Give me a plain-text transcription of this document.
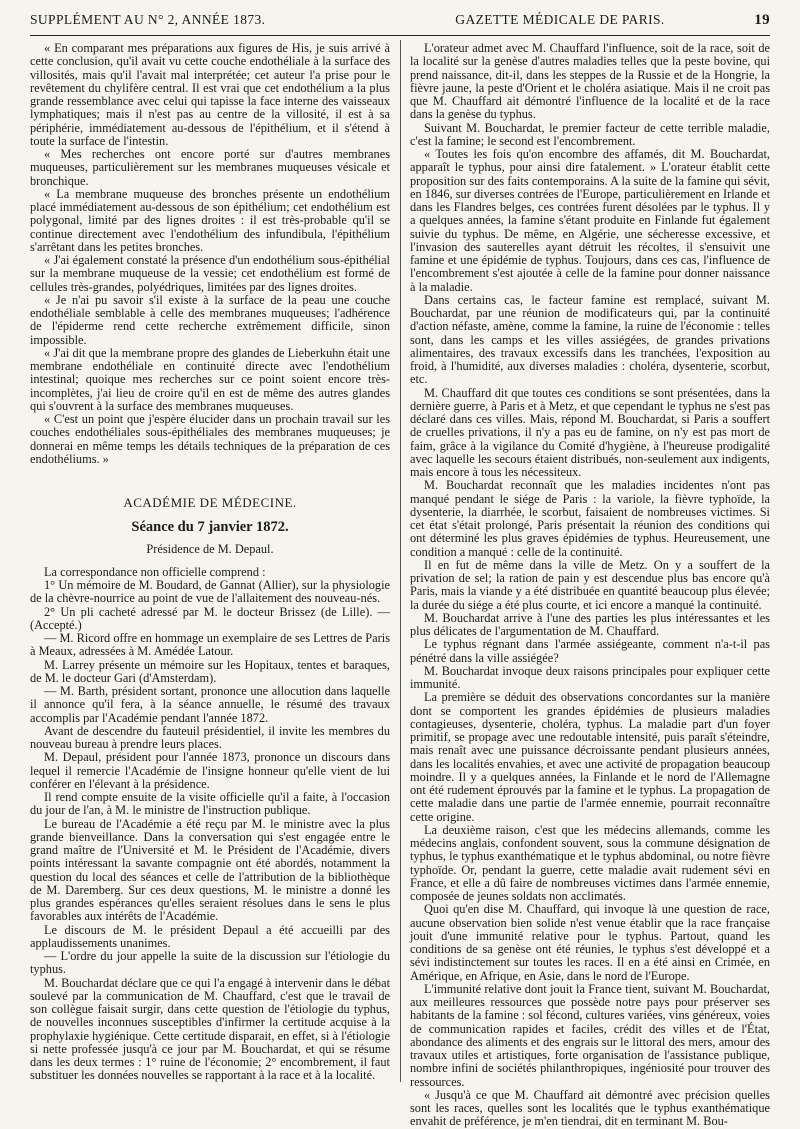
SUPPLÉMENT AU N° 2, ANNÉE 1873.	GAZETTE MÉDICALE DE PARIS.	19

« En comparant mes préparations aux figures de His, je suis arrivé à cette conclusion, qu'il avait vu cette couche endothéliale à la surface des villosités, mais qu'il l'avait mal interprétée; cet auteur l'a prise pour le revêtement du chylifère central. Il est vrai que cet endothélium a la plus grande ressemblance avec celui qui tapisse la face interne des vaisseaux lymphatiques; mais il n'est pas au centre de la villosité, il est à sa périphérie, immédiatement au-dessous de l'épithélium, et il s'étend à toute la surface de l'intestin.

« Mes recherches ont encore porté sur d'autres membranes muqueuses, particulièrement sur les membranes muqueuses vésicale et bronchique.

« La membrane muqueuse des bronches présente un endothélium placé immédiatement au-dessous de son épithélium; cet endothélium est polygonal, limité par des lignes droites : il est très-probable qu'il se continue directement avec l'endothélium des infundibula, l'épithélium s'arrêtant dans les petites bronches.

« J'ai également constaté la présence d'un endothélium sous-épithélial sur la membrane muqueuse de la vessie; cet endothélium est formé de cellules très-grandes, polyédriques, limitées par des lignes droites.

« Je n'ai pu savoir s'il existe à la surface de la peau une couche endothéliale semblable à celle des membranes muqueuses; l'adhérence de l'épiderme rend cette recherche extrêmement difficile, sinon impossible.

« J'ai dit que la membrane propre des glandes de Lieberkuhn était une membrane endothéliale en continuité directe avec l'endothélium intestinal; quoique mes recherches sur ce point soient encore très-incomplètes, j'ai lieu de croire qu'il en est de même des autres glandes qui s'ouvrent à la surface des membranes muqueuses.

« C'est un point que j'espère élucider dans un prochain travail sur les couches endothéliales sous-épithéliales des membranes muqueuses; je donnerai en même temps les détails techniques de la préparation de ces endothéliums. »

ACADÉMIE DE MÉDECINE.

Séance du 7 janvier 1872.

Présidence de M. Depaul.

La correspondance non officielle comprend :

1° Un mémoire de M. Boudard, de Gannat (Allier), sur la physiologie de la chèvre-nourrice au point de vue de l'allaitement des nouveau-nés.

2° Un pli cacheté adressé par M. le docteur Brissez (de Lille). — (Accepté.)

— M. Ricord offre en hommage un exemplaire de ses Lettres de Paris à Meaux, adressées à M. Amédée Latour.

M. Larrey présente un mémoire sur les Hopitaux, tentes et baraques, de M. le docteur Gari (d'Amsterdam).

— M. Barth, président sortant, prononce une allocution dans laquelle il annonce qu'il fera, à la séance annuelle, le résumé des travaux accomplis par l'Académie pendant l'année 1872.

Avant de descendre du fauteuil présidentiel, il invite les membres du nouveau bureau à prendre leurs places.

M. Depaul, président pour l'année 1873, prononce un discours dans lequel il remercie l'Académie de l'insigne honneur qu'elle vient de lui conférer en l'élevant à la présidence.

Il rend compte ensuite de la visite officielle qu'il a faite, à l'occasion du jour de l'an, à M. le ministre de l'instruction publique.

Le bureau de l'Académie a été reçu par M. le ministre avec la plus grande bienveillance. Dans la conversation qui s'est engagée entre le grand maître de l'Université et M. le Président de l'Académie, divers points intéressant la savante compagnie ont été abordés, notamment la question du local des séances et celle de l'attribution de la bibliothèque de M. Daremberg. Sur ces deux questions, M. le ministre a donné les plus grandes espérances qu'elles seraient résolues dans le sens le plus favorables aux intérêts de l'Académie.

Le discours de M. le président Depaul a été accueilli par des applaudissements unanimes.

— L'ordre du jour appelle la suite de la discussion sur l'étiologie du typhus.

M. Bouchardat déclare que ce qui l'a engagé à intervenir dans le débat soulevé par la communication de M. Chauffard, c'est que le travail de son collègue faisait surgir, dans cette question de l'étiologie du typhus, de nouvelles inconnues susceptibles d'infirmer la certitude acquise à la prophylaxie hygiénique. Cette certitude disparait, en effet, si à l'étiologie si nette professée jusqu'à ce jour par M. Bouchardat, et qui se résume dans les deux termes : 1° ruine de l'économie; 2° encombrement, il faut substituer les données nouvelles se rapportant à la race et à la localité.

L'orateur admet avec M. Chauffard l'influence, soit de la race, soit de la localité sur la genèse d'autres maladies telles que la peste bovine, qui prend naissance, dit-il, dans les steppes de la Russie et de la Hongrie, la fièvre jaune, la peste d'Orient et le choléra asiatique. Mais il ne croit pas que M. Chauffard ait démontré l'influence de la localité et de la race dans la genèse du typhus.

Suivant M. Bouchardat, le premier facteur de cette terrible maladie, c'est la famine; le second est l'encombrement.

« Toutes les fois qu'on encombre des affamés, dit M. Bouchardat, apparaît le typhus, pour ainsi dire fatalement. » L'orateur établit cette proposition sur des faits contemporains. A la suite de la famine qui sévit, en 1846, sur diverses contrées de l'Europe, particulièrement en Irlande et dans les Flandres belges, ces contrées furent désolées par le typhus. Il y a quelques années, la famine s'étant produite en Finlande fut également suivie du typhus. De même, en Algérie, une sécheresse excessive, et l'invasion des sauterelles ayant détruit les récoltes, il s'ensuivit une famine et une épidémie de typhus. Toujours, dans ces cas, l'influence de l'encombrement s'est ajoutée à celle de la famine pour donner naissance à la maladie.

Dans certains cas, le facteur famine est remplacé, suivant M. Bouchardat, par une réunion de modificateurs qui, par la continuité d'action néfaste, amène, comme la famine, la ruine de l'économie : telles sont, dans les camps et les villes assiégées, de grandes privations alimentaires, des travaux excessifs dans les tranchées, l'exposition au froid, à l'humidité, aux diverses maladies : choléra, dysenterie, scorbut, etc.

M. Chauffard dit que toutes ces conditions se sont présentées, dans la dernière guerre, à Paris et à Metz, et que cependant le typhus ne s'est pas déclaré dans ces villes. Mais, répond M. Bouchardat, si Paris a souffert de cruelles privations, il n'y a pas eu de famine, on n'y est pas mort de faim, grâce à la vigilance du Comité d'hygiène, à l'heureuse prodigalité avec laquelle les secours étaient distribués, non-seulement aux indigents, mais encore à tous les nécessiteux.

M. Bouchardat reconnaît que les maladies incidentes n'ont pas manqué pendant le siége de Paris : la variole, la fièvre typhoïde, la dysenterie, la diarrhée, le scorbut, faisaient de nombreuses victimes. Si cet état s'était prolongé, Paris présentait la réunion des conditions qui ont déterminé les plus graves épidémies de typhus. Heureusement, une condition a manqué : celle de la continuité.

Il en fut de même dans la ville de Metz. On y a souffert de la privation de sel; la ration de pain y est descendue plus bas encore qu'à Paris, mais la viande y a été distribuée en quantité beaucoup plus élevée; la durée du siége a été plus courte, et ici encore a manqué la continuité.

M. Bouchardat arrive à l'une des parties les plus intéressantes et les plus délicates de l'argumentation de M. Chauffard.

Le typhus régnant dans l'armée assiégeante, comment n'a-t-il pas pénétré dans la ville assiégée?

M. Bouchardat invoque deux raisons principales pour expliquer cette immunité.

La première se déduit des observations concordantes sur la manière dont se comportent les grandes épidémies de plusieurs maladies contagieuses, dysenterie, choléra, typhus. La maladie part d'un foyer primitif, se propage avec une redoutable intensité, puis paraît s'éteindre, mais renaît avec une puissance décroissante pendant plusieurs années, dans les localités envahies, et avec une activité de propagation beaucoup moindre. Il y a quelques années, la Finlande et le nord de l'Allemagne ont été rudement éprouvés par la famine et le typhus. La propagation de cette maladie dans une partie de l'armée ennemie, pourrait reconnaître cette origine.

La deuxième raison, c'est que les médecins allemands, comme les médecins anglais, confondent souvent, sous la commune désignation de typhus, le typhus exanthématique et le typhus abdominal, ou notre fièvre typhoïde. Or, pendant la guerre, cette maladie avait rudement sévi en France, et elle a dû faire de nombreuses victimes dans l'armée ennemie, composée de jeunes soldats non acclimatés.

Quoi qu'en dise M. Chauffard, qui invoque là une question de race, aucune observation bien solide n'est venue établir que la race française jouit d'une immunité relative pour le typhus. Partout, quand les conditions de sa genèse ont été réunies, le typhus s'est développé et a sévi indistinctement sur toutes les races. Il en a été ainsi en Crimée, en Amérique, en Afrique, en Asie, dans le nord de l'Europe.

L'immunité relative dont jouit la France tient, suivant M. Bouchardat, aux meilleures ressources que possède notre pays pour préserver ses habitants de la famine : sol fécond, cultures variées, vins généreux, voies de communication rapides et faciles, crédit des villes et de l'État, abondance des aliments et des engrais sur le littoral des mers, amour des travaux utiles et artistiques, forte organisation de l'assistance publique, nombre infini de sociétés philanthropiques, ingéniosité pour trouver des ressources.

« Jusqu'à ce que M. Chauffard ait démontré avec précision quelles sont les races, quelles sont les localités que le typhus exanthématique envahit de préférence, je m'en tiendrai, dit en terminant M. Bou-
